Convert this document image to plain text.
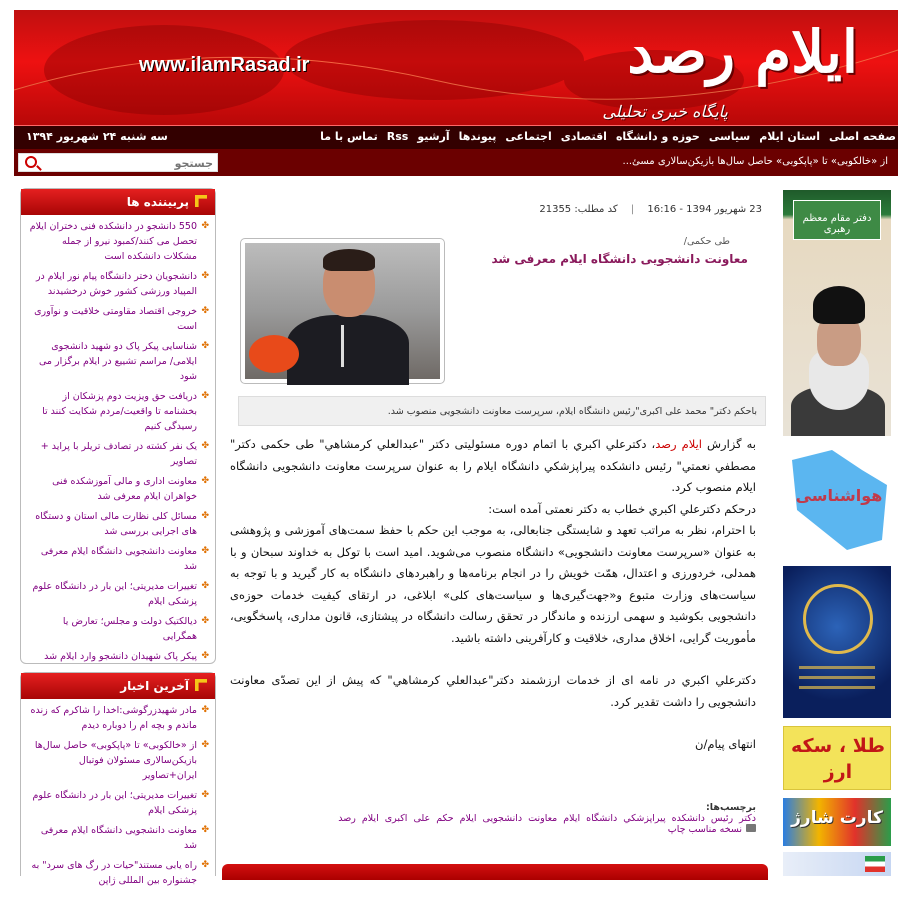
www.ilamRasad.ir	ایلام رصد
پایگاه خبری تحلیلی
سه شنبه ۲۴ شهریور ۱۳۹۴	صفحه اصلی
استان ایلام
سیاسی
حوزه و دانشگاه
اقتصادی
اجتماعی
پیوندها
آرشیو
Rss
تماس با ما
جستجو
از «خالکوبی» تا «پاپکوبی» حاصل سال‌ها بازیکن‌سالاری مسئ...
پربیننده ها
✤ 550 دانشجو در دانشکده فنی دختران ایلام تحصل می کنند/کمبود نیرو از جمله مشکلات دانشکده است
✤ دانشجویان دختر دانشگاه پیام نور ایلام در المپیاد ورزشی کشور خوش درخشیدند
✤ خروجی اقتصاد مقاومتی خلاقیت و نوآوری است
✤ شناسایی پیکر پاک دو شهید دانشجوی ایلامی/ مراسم تشییع در ایلام برگزار می شود
✤ دریافت حق ویزیت دوم پزشکان از بخشنامه تا واقعیت/مردم شکایت کنند تا رسیدگی کنیم
✤ یک نفر کشته در تصادف تریلر با پراید + تصاویر
✤ معاونت اداری و مالی آموزشکده فنی خواهران ایلام معرفی شد
✤ مسائل کلی نظارت مالی استان و دستگاه های اجرایی بررسی شد
✤ معاونت دانشجویی دانشگاه ایلام معرفی شد
✤ تغییرات مدیریتی؛ این بار در دانشگاه علوم پزشکی ایلام
✤ دیالکتیک دولت و مجلس؛ تعارض یا همگرایی
✤ پیکر پاک شهیدان دانشجو وارد ایلام شد
آخرین اخبار
✤ مادر شهیدزرگوشی:اخدا را شاکرم که زنده ماندم و بچه ام را دوباره دیدم
✤ از «خالکوبی» تا «پاپکوبی» حاصل سال‌ها بازیکن‌سالاری مسئولان فوتبال ایران+تصاویر
✤ تغییرات مدیریتی؛ این بار در دانشگاه علوم پزشکی ایلام
✤ معاونت دانشجویی دانشگاه ایلام معرفی شد
✤ راه یابی مستند"حیات در رگ های سرد" به جشنواره بین المللی ژاپن
23 شهریور 1394 - 16:16 | کد مطلب: 21355
طی حکمی/
معاونت دانشجویی دانشگاه ایلام معرفی شد
باحکم دکتر" محمد علی اکبری"رئیس دانشگاه ایلام، سرپرست معاونت دانشجویی منصوب شد.

به گزارش ایلام رصد، دکترعلي اكبري با اتمام دوره مسئوليتی دکتر "عبدالعلي كرمشاهي" طی حکمی دکتر" مصطفي نعمتي" رئیس دانشکده پیراپزشكي دانشگاه ایلام را به عنوان سرپرست معاونت دانشجویی دانشگاه ایلام منصوب کرد.

درحکم دکترعلي اكبري خطاب به دکتر نعمتی آمده است:

با احترام، نظر به مراتب تعهد و شایستگی جنابعالی، به موجب این حکم با حفظ سمت‌های آموزشی و پژوهشی به عنوان «سرپرست معاونت دانشجویی» دانشگاه منصوب می‌شوید. امید است با توکل به خداوند سبحان و با همدلی، خردورزی و اعتدال، همّت خویش را در انجام برنامه‌ها و راهبردهای دانشگاه به کار گیرید و با توجه به سیاست‌های وزارت متبوع و«جهت‌گیری‌ها و سیاست‌های کلی» ابلاغی، در ارتقای کیفیت خدمات حوزه‌ی دانشجویی بکوشید و سهمی ارزنده و ماندگار در تحقق رسالت دانشگاه در پیشتازی، قانون مداری، پاسخگویی، مأموریت گرایی، اخلاق مداری، خلاقیت و کارآفرینی داشته باشید.

دکترعلي اكبري در نامه ای از خدمات ارزشمند دکتر"عبدالعلي كرمشاهي" که پیش از این تصدّی معاونت دانشجویی را داشت تقدیر کرد.

انتهای پیام/ن

برچسب‌ها:
دکتر رئیس دانشکده پیراپزشكي دانشگاه ایلام معاونت دانشجویی ایلام حکم علی اکبری ایلام رصد
نسخه مناسب چاپ
دفتر مقام معظم رهبری
هواشناسی
طلا ، سکه
ارز
کارت شارژ
